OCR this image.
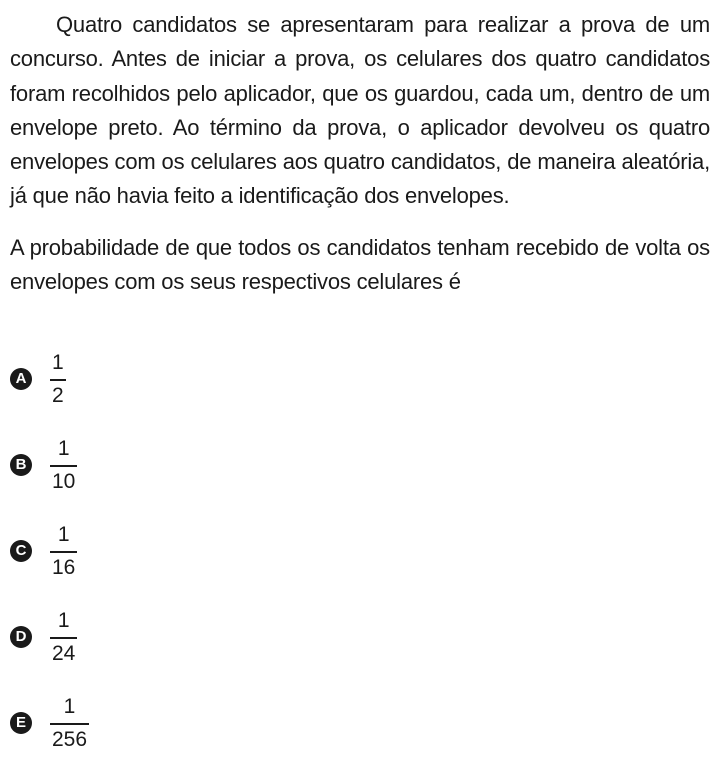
Quatro candidatos se apresentaram para realizar a prova de um concurso. Antes de iniciar a prova, os celulares dos quatro candidatos foram recolhidos pelo aplicador, que os guardou, cada um, dentro de um envelope preto. Ao término da prova, o aplicador devolveu os quatro envelopes com os celulares aos quatro candidatos, de maneira aleatória, já que não havia feito a identificação dos envelopes.

A probabilidade de que todos os candidatos tenham recebido de volta os envelopes com os seus respectivos celulares é

A
1
2
B
1
10
C
1
16
D
1
24
E
1
256
